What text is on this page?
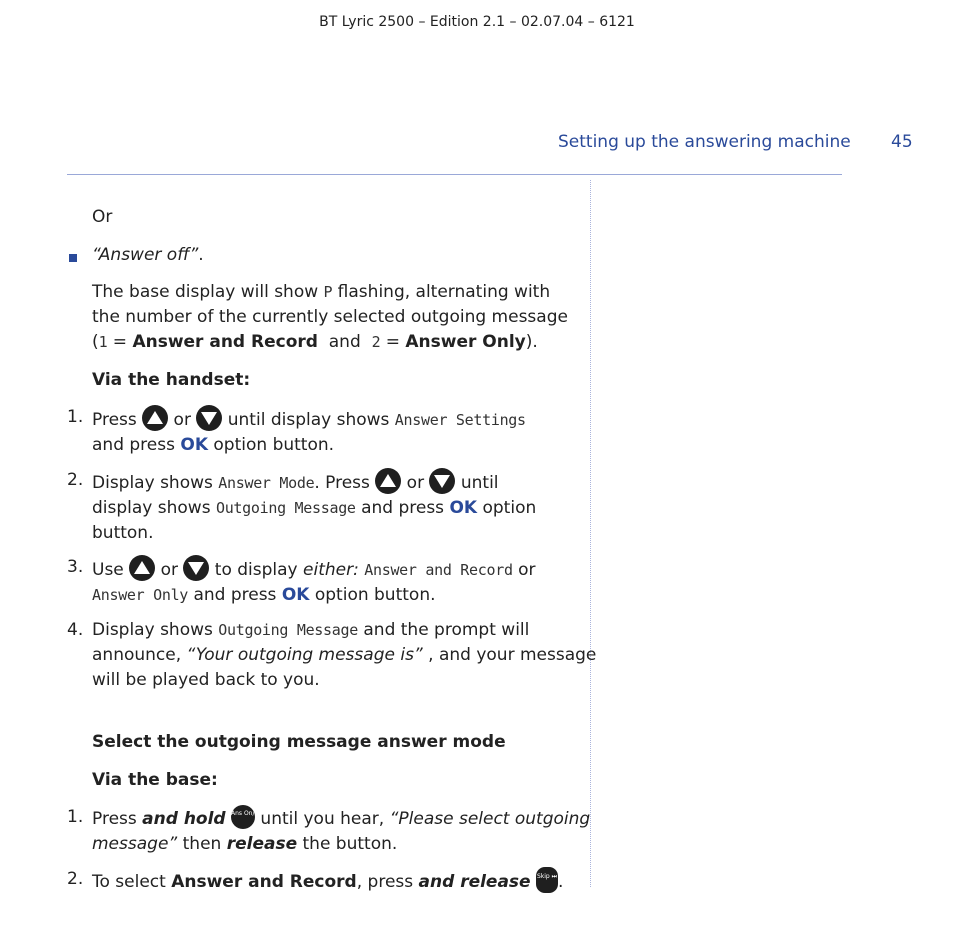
BT Lyric 2500 – Edition 2.1 – 02.07.04 – 6121
Setting up the answering machine 45
Or
“Answer off”.
The base display will show P flashing, alternating with
the number of the currently selected outgoing message
(1 = Answer and Record  and  2 = Answer Only).
Via the handset:
1. Press
or
until display shows Answer Settings
and press OK option button.
2. Display shows Answer Mode. Press
or
until
display shows Outgoing Message and press OK option
button.
3. Use
or
to display either: Answer and Record or
Answer Only and press OK option button.
4. Display shows Outgoing Message and the prompt will
announce, “Your outgoing message is” , and your message
will be played back to you.
Select the outgoing message answer mode
Via the base:
1. Press and hold Ans On/Off
until you hear, “Please select outgoing
message” then release the button.
2. To select Answer and Record, press and release Skip ⏭ .
